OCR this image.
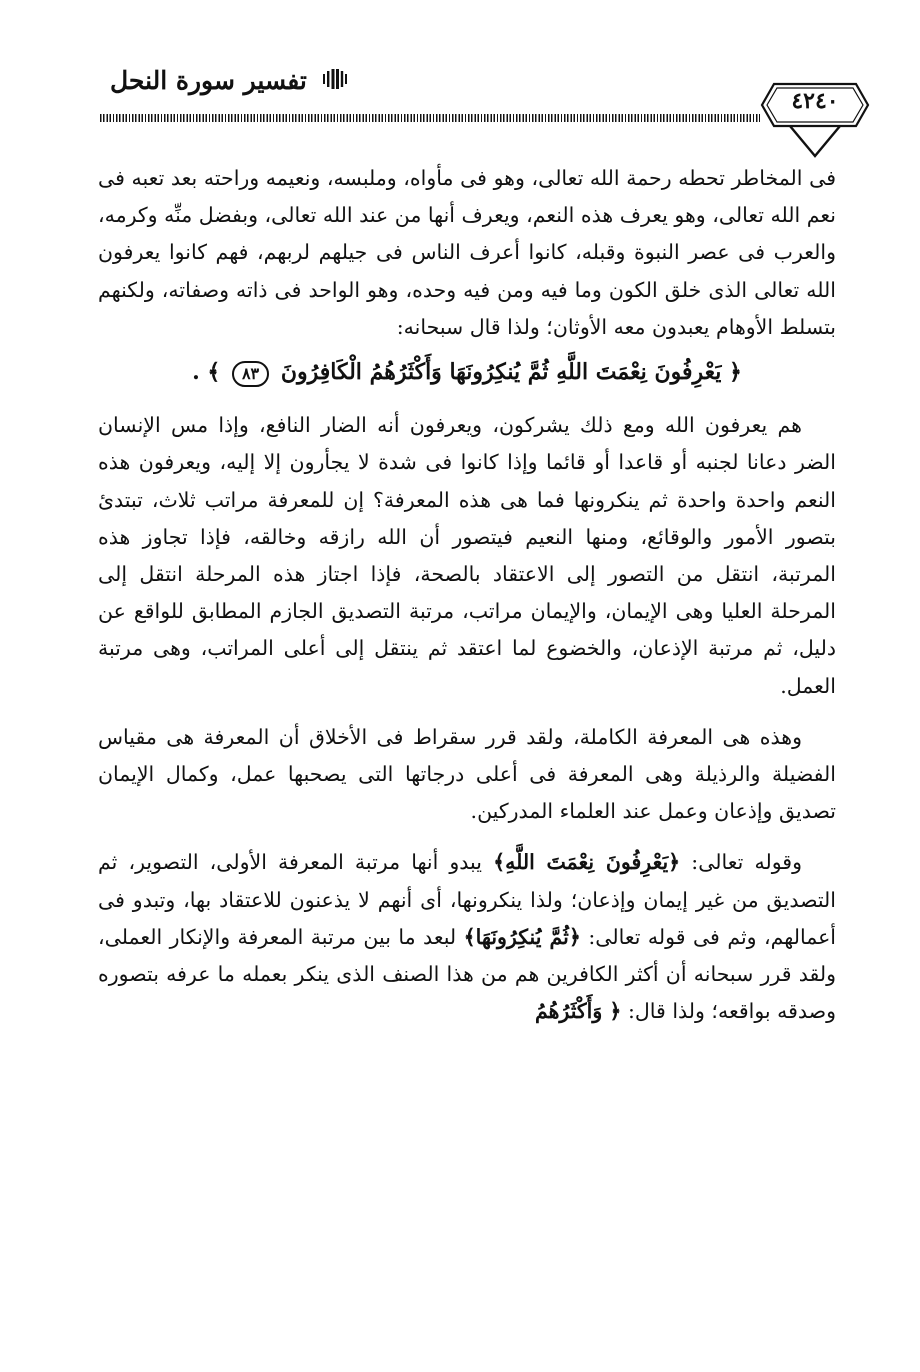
تفسير سورة النحل
٤٢٤٠

فى المخاطر تحطه رحمة الله تعالى، وهو فى مأواه، وملبسه، ونعيمه وراحته بعد تعبه فى نعم الله تعالى، وهو يعرف هذه النعم، ويعرف أنها من عند الله تعالى، وبفضل منِّه وكرمه، والعرب فى عصر النبوة وقبله، كانوا أعرف الناس فى جيلهم لربهم، فهم كانوا يعرفون الله تعالى الذى خلق الكون وما فيه ومن فيه وحده، وهو الواحد فى ذاته وصفاته، ولكنهم بتسلط الأوهام يعبدون معه الأوثان؛ ولذا قال سبحانه:

﴿ يَعْرِفُونَ نِعْمَتَ اللَّهِ ثُمَّ يُنكِرُونَهَا وَأَكْثَرُهُمُ الْكَافِرُونَ ٨٣ ﴾ .

هم يعرفون الله ومع ذلك يشركون، ويعرفون أنه الضار النافع، وإذا مس الإنسان الضر دعانا لجنبه أو قاعدا أو قائما وإذا كانوا فى شدة لا يجأرون إلا إليه، ويعرفون هذه النعم واحدة واحدة ثم ينكرونها فما هى هذه المعرفة؟ إن للمعرفة مراتب ثلاث، تبتدئ بتصور الأمور والوقائع، ومنها النعيم فيتصور أن الله رازقه وخالقه، فإذا تجاوز هذه المرتبة، انتقل من التصور إلى الاعتقاد بالصحة، فإذا اجتاز هذه المرحلة انتقل إلى المرحلة العليا وهى الإيمان، والإيمان مراتب، مرتبة التصديق الجازم المطابق للواقع عن دليل، ثم مرتبة الإذعان، والخضوع لما اعتقد ثم ينتقل إلى أعلى المراتب، وهى مرتبة العمل.

وهذه هى المعرفة الكاملة، ولقد قرر سقراط فى الأخلاق أن المعرفة هى مقياس الفضيلة والرذيلة وهى المعرفة فى أعلى درجاتها التى يصحبها عمل، وكمال الإيمان تصديق وإذعان وعمل عند العلماء المدركين.

وقوله تعالى: ﴿يَعْرِفُونَ نِعْمَتَ اللَّهِ﴾ يبدو أنها مرتبة المعرفة الأولى، التصوير، ثم التصديق من غير إيمان وإذعان؛ ولذا ينكرونها، أى أنهم لا يذعنون للاعتقاد بها، وتبدو فى أعمالهم، وثم فى قوله تعالى: ﴿ثُمَّ يُنكِرُونَهَا﴾ لبعد ما بين مرتبة المعرفة والإنكار العملى، ولقد قرر سبحانه أن أكثر الكافرين هم من هذا الصنف الذى ينكر بعمله ما عرفه بتصوره وصدقه بواقعه؛ ولذا قال: ﴿ وَأَكْثَرُهُمُ
